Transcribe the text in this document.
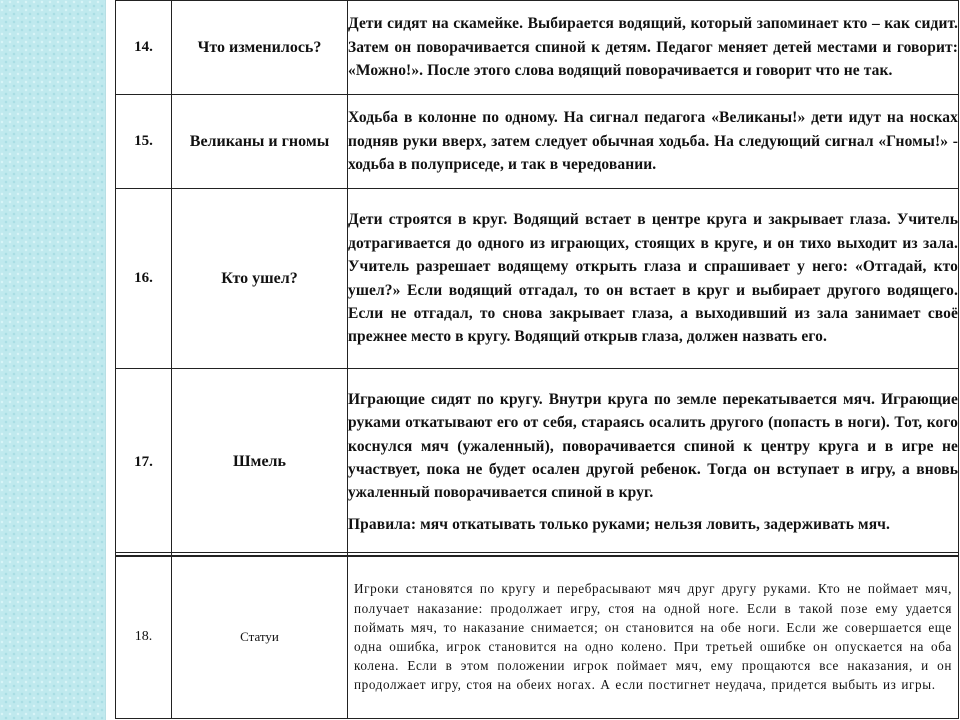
14.	Что изменилось?	Дети сидят на скамейке. Выбирается водящий, который запоминает кто – как сидит. Затем он поворачивается спиной к детям. Педагог меняет детей местами и говорит: «Можно!». После этого слова водящий поворачивается и говорит что не так.

15.	Великаны и гномы	Ходьба в колонне по одному. На сигнал педагога «Великаны!» дети идут на носках подняв руки вверх, затем следует обычная ходьба. На следующий сигнал «Гномы!» - ходьба в полуприседе, и так в чередовании.

16.	Кто ушел?	Дети строятся в круг. Водящий встает в центре круга и закрывает глаза. Учитель дотрагивается до одного из играющих, стоящих в круге, и он тихо выходит из зала. Учитель разрешает водящему открыть глаза и спрашивает у него: «Отгадай, кто ушел?» Если водящий отгадал, то он встает в круг и выбирает другого водящего. Если не отгадал, то снова закрывает глаза, а выходивший из зала занимает своё прежнее место в кругу. Водящий открыв глаза, должен назвать его.

17.	Шмель	Играющие сидят по кругу. Внутри круга по земле перекатывается мяч. Играющие руками откатывают его от себя, стараясь осалить другого (попасть в ноги). Тот, кого коснулся мяч (ужаленный), поворачивается спиной к центру круга и в игре не участвует, пока не будет осален другой ребенок. Тогда он вступает в игру, а вновь ужаленный поворачивается спиной в круг.

Правила: мяч откатывать только руками; нельзя ловить, задерживать мяч.

18.	Статуи	Игроки становятся по кругу и перебрасывают мяч друг другу руками. Кто не поймает мяч, получает наказание: продолжает игру, стоя на одной ноге. Если в такой позе ему удается поймать мяч, то наказание снимается; он становится на обе ноги. Если же совершается еще одна ошибка, игрок становится на одно колено. При третьей ошибке он опускается на оба колена. Если в этом положении игрок поймает мяч, ему прощаются все наказания, и он продолжает игру, стоя на обеих ногах. А если постигнет неудача, придется выбыть из игры.
